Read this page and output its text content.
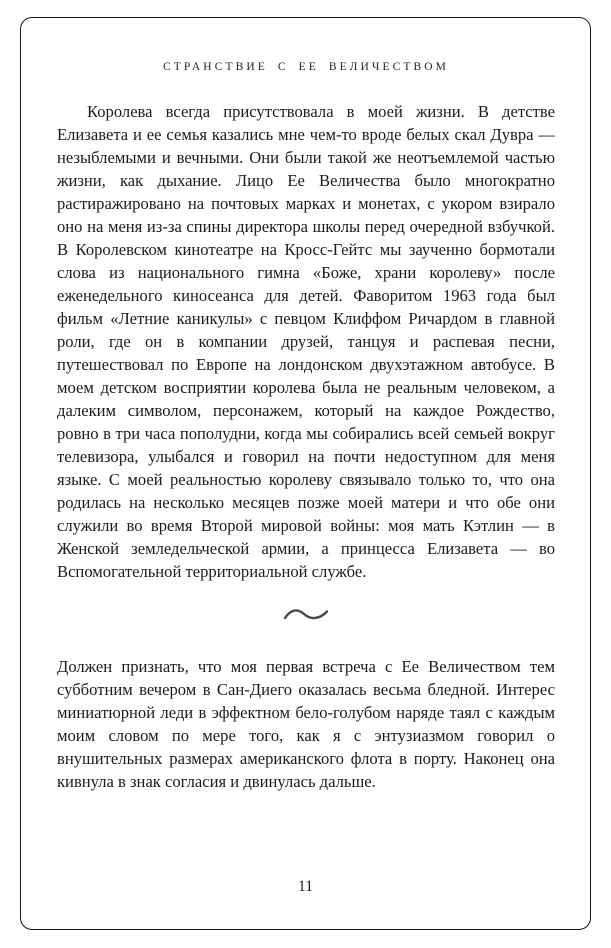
СТРАНСТВИЕ С ЕЕ ВЕЛИЧЕСТВОМ

Королева всегда присутствовала в моей жизни. В детстве Елизавета и ее семья казались мне чем-то вроде белых скал Дувра — незыблемыми и вечными. Они были такой же неотъемлемой частью жизни, как дыхание. Лицо Ее Величества было многократно растиражировано на почтовых марках и монетах, с укором взирало оно на меня из-за спины директора школы перед очередной взбучкой. В Королевском кинотеатре на Кросс-Гейтс мы заученно бормотали слова из национального гимна «Боже, храни королеву» после еженедельного киносеанса для детей. Фаворитом 1963 года был фильм «Летние каникулы» с певцом Клиффом Ричардом в главной роли, где он в компании друзей, танцуя и распевая песни, путешествовал по Европе на лондонском двухэтажном автобусе. В моем детском восприятии королева была не реальным человеком, а далеким символом, персонажем, который на каждое Рождество, ровно в три часа пополудни, когда мы собирались всей семьей вокруг телевизора, улыбался и говорил на почти недоступном для меня языке. С моей реальностью королеву связывало только то, что она родилась на несколько месяцев позже моей матери и что обе они служили во время Второй мировой войны: моя мать Кэтлин — в Женской земледельческой армии, а принцесса Елизавета — во Вспомогательной территориальной службе.

Должен признать, что моя первая встреча с Ее Величеством тем субботним вечером в Сан-Диего оказалась весьма бледной. Интерес миниатюрной леди в эффектном бело-голубом наряде таял с каждым моим словом по мере того, как я с энтузиазмом говорил о внушительных размерах американского флота в порту. Наконец она кивнула в знак согласия и двинулась дальше.

11
